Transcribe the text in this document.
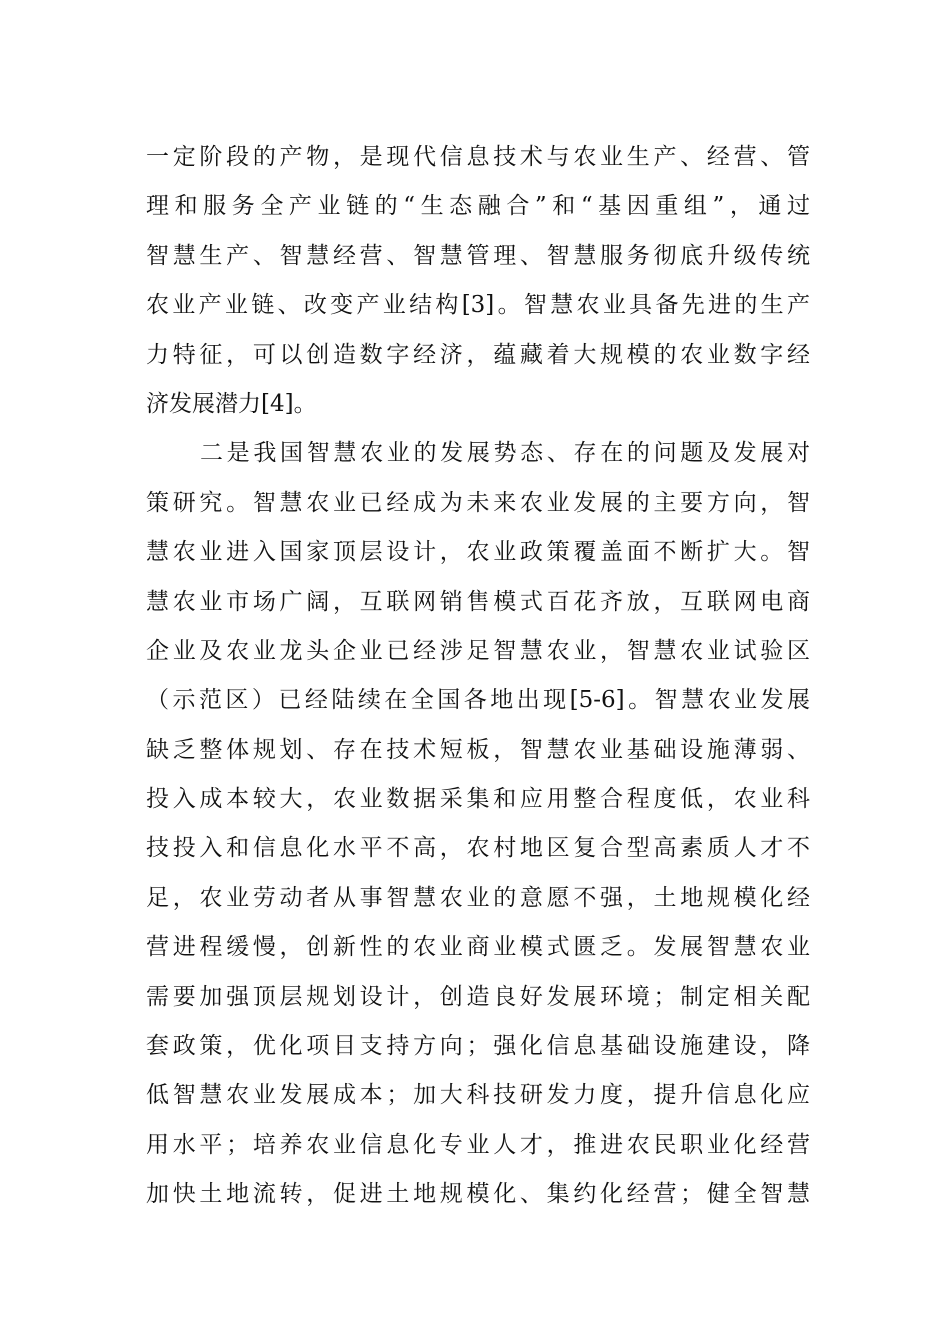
一定阶段的产物，是现代信息技术与农业生产、经营、管
理和服务全产业链的“生态融合”和“基因重组”，通过
智慧生产、智慧经营、智慧管理、智慧服务彻底升级传统
农业产业链、改变产业结构[3]。智慧农业具备先进的生产
力特征，可以创造数字经济，蕴藏着大规模的农业数字经
济发展潜力[4]。
二是我国智慧农业的发展势态、存在的问题及发展对
策研究。智慧农业已经成为未来农业发展的主要方向，智
慧农业进入国家顶层设计，农业政策覆盖面不断扩大。智
慧农业市场广阔，互联网销售模式百花齐放，互联网电商
企业及农业龙头企业已经涉足智慧农业，智慧农业试验区
（示范区）已经陆续在全国各地出现[5-6]。智慧农业发展
缺乏整体规划、存在技术短板，智慧农业基础设施薄弱、
投入成本较大，农业数据采集和应用整合程度低，农业科
技投入和信息化水平不高，农村地区复合型高素质人才不
足，农业劳动者从事智慧农业的意愿不强，土地规模化经
营进程缓慢，创新性的农业商业模式匮乏。发展智慧农业
需要加强顶层规划设计，创造良好发展环境；制定相关配
套政策，优化项目支持方向；强化信息基础设施建设，降
低智慧农业发展成本；加大科技研发力度，提升信息化应
用水平；培养农业信息化专业人才，推进农民职业化经营
加快土地流转，促进土地规模化、集约化经营；健全智慧
